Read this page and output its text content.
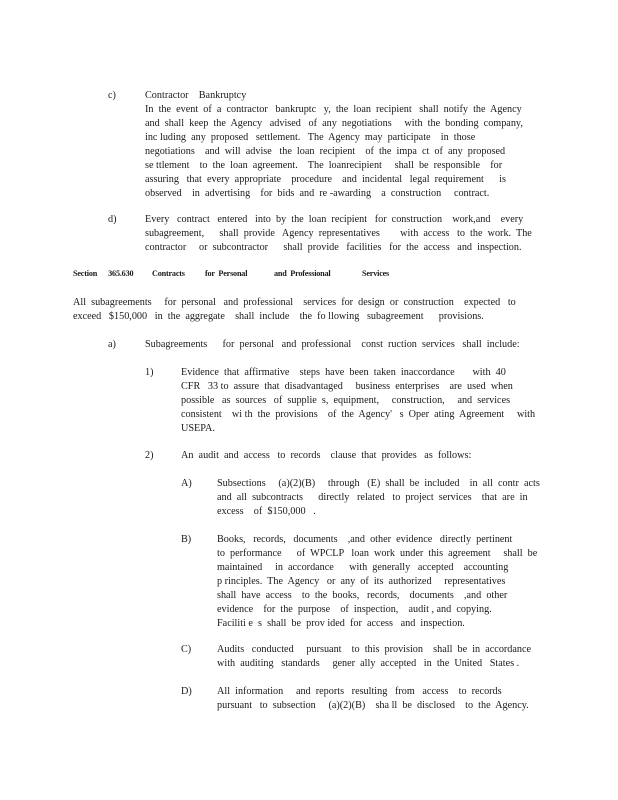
c)	Contractor    Bankruptcy
In  the  event  of  a  contractor   bankruptc   y,  the  loan  recipient   shall  notify  the  Agency
and  shall  keep  the  Agency   advised   of  any  negotiations     with  the  bonding  company,
inc luding  any  proposed   settlement.   The  Agency  may  participate    in  those
negotiations    and  will  advise   the  loan  recipient    of  the  impa  ct  of  any  proposed
se ttlement    to  the  loan  agreement.    The  loanrecipient     shall  be  responsible    for
assuring   that  every  appropriate    procedure    and  incidental   legal  requirement      is
observed    in  advertising    for  bids  and  re -awarding    a  construction     contract.
d)	Every   contract   entered   into  by  the  loan  recipient   for  construction    work,and    every
subagreement,      shall  provide   Agency  representatives        with  access   to  the  work.  The
contractor     or  subcontractor      shall  provide   facilities   for  the  access   and  inspection.
Section      365.630 Contracts for  Personal	and  Professional	Services
All  subagreements     for  personal   and  professional    services  for  design  or  construction    expected   to
exceed   $150,000   in  the  aggregate    shall  include    the  fo llowing   subagreement      provisions.
a)	Subagreements      for  personal   and  professional    const  ruction  services   shall  include:
1)	Evidence  that  affirmative    steps  have  been  taken  inaccordance       with  40
CFR   33 to  assure  that  disadvantaged     business  enterprises    are  used  when
possible   as  sources   of  supplie  s,  equipment,     construction,     and  services
consistent    wi th  the  provisions    of  the  Agency'   s  Oper  ating  Agreement     with
USEPA.
2)	An  audit  and  access   to  records    clause  that  provides   as  follows:
A) Subsections     (a)(2)(B)     through   (E)  shall  be  included    in  all  contr  acts
and  all  subcontracts      directly   related   to  project  services    that  are  in
excess    of  $150,000   .
B)	Books,   records,   documents    ,and  other  evidence   directly  pertinent
to  performance      of  WPCLP   loan  work  under  this  agreement     shall  be
maintained     in  accordance      with  generally   accepted    accounting
p rinciples.  The  Agency   or  any  of  its  authorized     representatives
shall  have  access    to  the  books,   records,    documents    ,and  other
evidence    for  the  purpose    of  inspection,    audit , and  copying.
Faciliti e  s  shall  be  prov ided  for  access   and  inspection.
C)	Audits   conducted     pursuant    to  this  provision    shall  be  in  accordance
with  auditing   standards     gener  ally  accepted   in  the  United   States .
D) All  information     and  reports   resulting   from   access    to  records
pursuant   to  subsection     (a)(2)(B)    sha ll  be  disclosed    to  the  Agency.
